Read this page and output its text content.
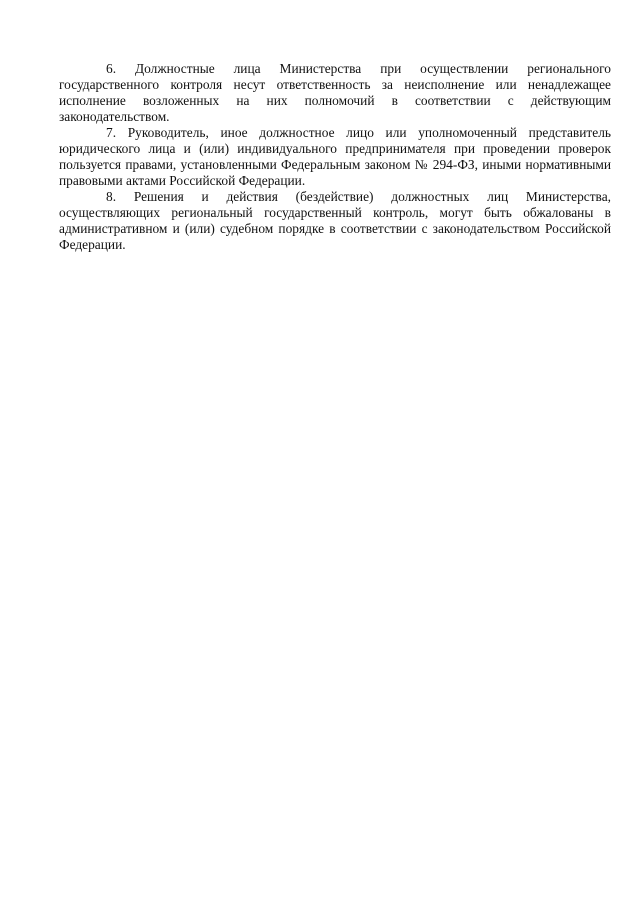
6. Должностные лица Министерства при осуществлении регионального государственного контроля несут ответственность за неисполнение или ненадлежащее исполнение возложенных на них полномочий в соответствии с действующим законодательством.

7. Руководитель, иное должностное лицо или уполномоченный представитель юридического лица и (или) индивидуального предпринимателя при проведении проверок пользуется правами, установленными Федеральным законом № 294-ФЗ, иными нормативными правовыми актами Российской Федерации.

8. Решения и действия (бездействие) должностных лиц Министерства, осуществляющих региональный государственный контроль, могут быть обжалованы в административном и (или) судебном порядке в соответствии с законодательством Российской Федерации.
